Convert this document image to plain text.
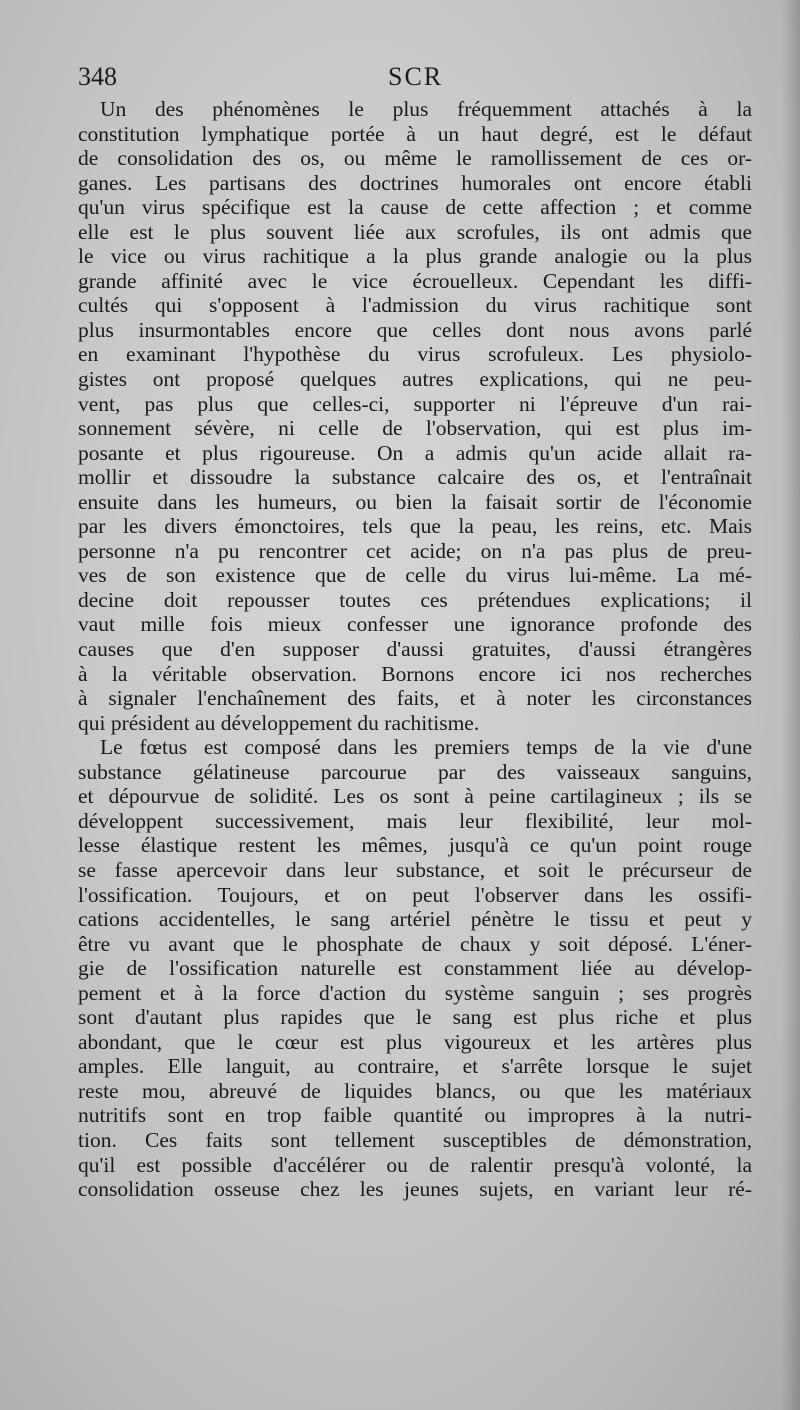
348	SCR
Un des phénomènes le plus fréquemment attachés à la
constitution lymphatique portée à un haut degré, est le défaut
de consolidation des os, ou même le ramollissement de ces or-
ganes. Les partisans des doctrines humorales ont encore établi
qu'un virus spécifique est la cause de cette affection ; et comme
elle est le plus souvent liée aux scrofules, ils ont admis que
le vice ou virus rachitique a la plus grande analogie ou la plus
grande affinité avec le vice écrouelleux. Cependant les diffi-
cultés qui s'opposent à l'admission du virus rachitique sont
plus insurmontables encore que celles dont nous avons parlé
en examinant l'hypothèse du virus scrofuleux. Les physiolo-
gistes ont proposé quelques autres explications, qui ne peu-
vent, pas plus que celles-ci, supporter ni l'épreuve d'un rai-
sonnement sévère, ni celle de l'observation, qui est plus im-
posante et plus rigoureuse. On a admis qu'un acide allait ra-
mollir et dissoudre la substance calcaire des os, et l'entraînait
ensuite dans les humeurs, ou bien la faisait sortir de l'économie
par les divers émonctoires, tels que la peau, les reins, etc. Mais
personne n'a pu rencontrer cet acide; on n'a pas plus de preu-
ves de son existence que de celle du virus lui-même. La mé-
decine doit repousser toutes ces prétendues explications; il
vaut mille fois mieux confesser une ignorance profonde des
causes que d'en supposer d'aussi gratuites, d'aussi étrangères
à la véritable observation. Bornons encore ici nos recherches
à signaler l'enchaînement des faits, et à noter les circonstances
qui président au développement du rachitisme.
Le fœtus est composé dans les premiers temps de la vie d'une
substance gélatineuse parcourue par des vaisseaux sanguins,
et dépourvue de solidité. Les os sont à peine cartilagineux ; ils se
développent successivement, mais leur flexibilité, leur mol-
lesse élastique restent les mêmes, jusqu'à ce qu'un point rouge
se fasse apercevoir dans leur substance, et soit le précurseur de
l'ossification. Toujours, et on peut l'observer dans les ossifi-
cations accidentelles, le sang artériel pénètre le tissu et peut y
être vu avant que le phosphate de chaux y soit déposé. L'éner-
gie de l'ossification naturelle est constamment liée au dévelop-
pement et à la force d'action du système sanguin ; ses progrès
sont d'autant plus rapides que le sang est plus riche et plus
abondant, que le cœur est plus vigoureux et les artères plus
amples. Elle languit, au contraire, et s'arrête lorsque le sujet
reste mou, abreuvé de liquides blancs, ou que les matériaux
nutritifs sont en trop faible quantité ou impropres à la nutri-
tion. Ces faits sont tellement susceptibles de démonstration,
qu'il est possible d'accélérer ou de ralentir presqu'à volonté, la
consolidation osseuse chez les jeunes sujets, en variant leur ré-
